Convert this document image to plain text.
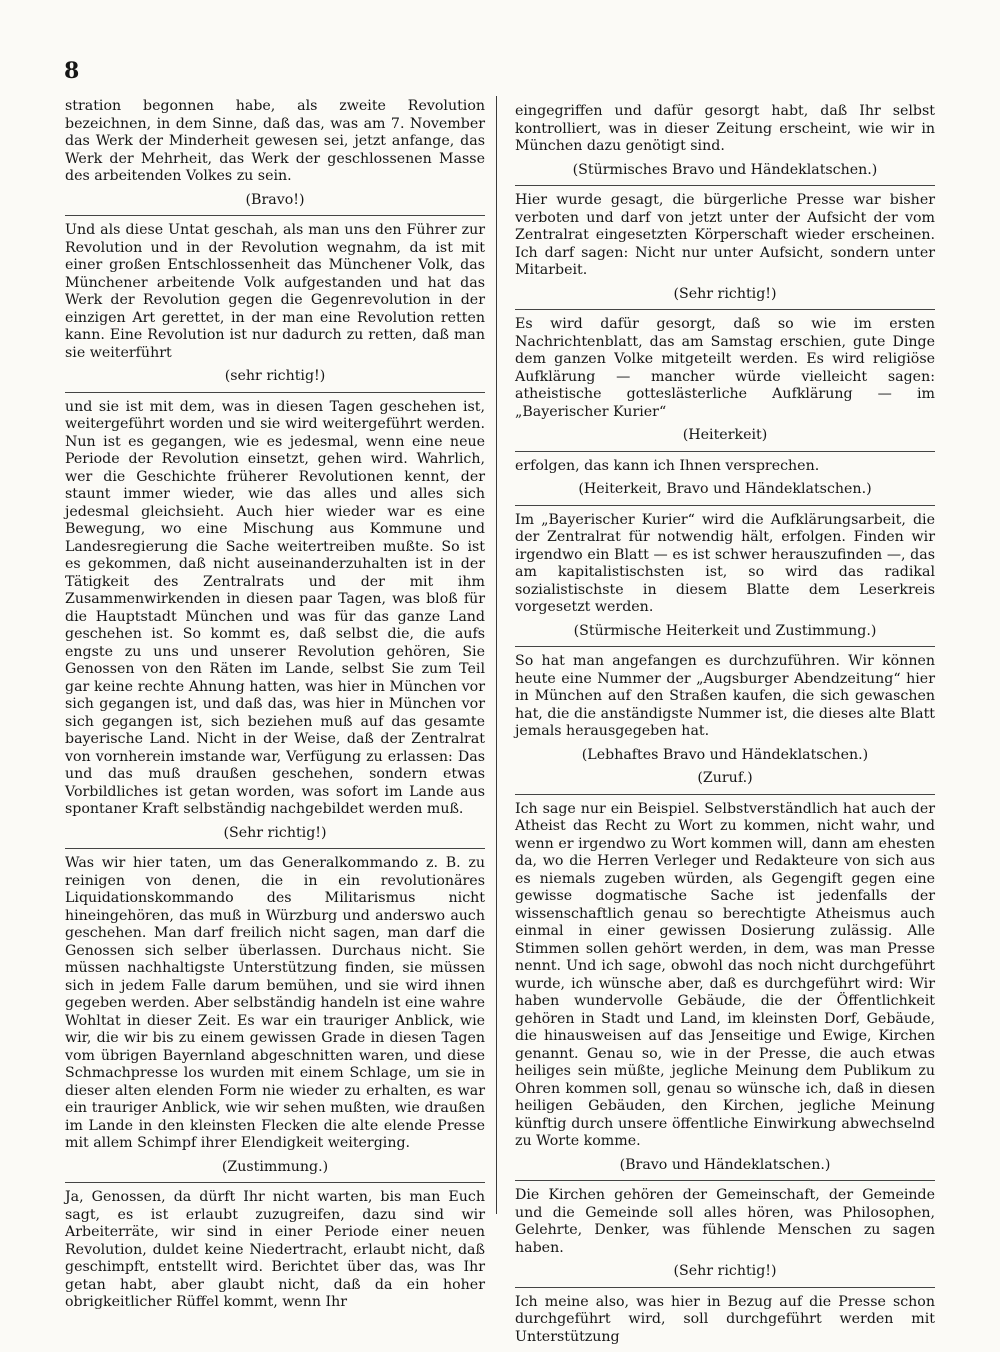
8

stration begonnen habe, als zweite Revolution bezeichnen, in dem Sinne, daß das, was am 7. November das Werk der Minderheit gewesen sei, jetzt anfange, das Werk der Mehrheit, das Werk der geschlossenen Masse des arbeitenden Volkes zu sein.

(Bravo!)

Und als diese Untat geschah, als man uns den Führer zur Revolution und in der Revolution wegnahm, da ist mit einer großen Entschlossenheit das Münchener Volk, das Münchener arbeitende Volk aufgestanden und hat das Werk der Revolution gegen die Gegenrevolution in der einzigen Art gerettet, in der man eine Revolution retten kann. Eine Revolution ist nur dadurch zu retten, daß man sie weiterführt

(sehr richtig!)

und sie ist mit dem, was in diesen Tagen geschehen ist, weitergeführt worden und sie wird weitergeführt werden. Nun ist es gegangen, wie es jedesmal, wenn eine neue Periode der Revolution einsetzt, gehen wird. Wahrlich, wer die Geschichte früherer Revolutionen kennt, der staunt immer wieder, wie das alles und alles sich jedesmal gleichsieht. Auch hier wieder war es eine Bewegung, wo eine Mischung aus Kommune und Landesregierung die Sache weitertreiben mußte. So ist es gekommen, daß nicht auseinanderzuhalten ist in der Tätigkeit des Zentralrats und der mit ihm Zusammenwirkenden in diesen paar Tagen, was bloß für die Hauptstadt München und was für das ganze Land geschehen ist. So kommt es, daß selbst die, die aufs engste zu uns und unserer Revolution gehören, Sie Genossen von den Räten im Lande, selbst Sie zum Teil gar keine rechte Ahnung hatten, was hier in München vor sich gegangen ist, und daß das, was hier in München vor sich gegangen ist, sich beziehen muß auf das gesamte bayerische Land. Nicht in der Weise, daß der Zentralrat von vornherein imstande war, Verfügung zu erlassen: Das und das muß draußen geschehen, sondern etwas Vorbildliches ist getan worden, was sofort im Lande aus spontaner Kraft selbständig nachgebildet werden muß.

(Sehr richtig!)

Was wir hier taten, um das Generalkommando z. B. zu reinigen von denen, die in ein revolutionäres Liquidationskommando des Militarismus nicht hineingehören, das muß in Würzburg und anderswo auch geschehen. Man darf freilich nicht sagen, man darf die Genossen sich selber überlassen. Durchaus nicht. Sie müssen nachhaltigste Unterstützung finden, sie müssen sich in jedem Falle darum bemühen, und sie wird ihnen gegeben werden. Aber selbständig handeln ist eine wahre Wohltat in dieser Zeit. Es war ein trauriger Anblick, wie wir, die wir bis zu einem gewissen Grade in diesen Tagen vom übrigen Bayernland abgeschnitten waren, und diese Schmachpresse los wurden mit einem Schlage, um sie in dieser alten elenden Form nie wieder zu erhalten, es war ein trauriger Anblick, wie wir sehen mußten, wie draußen im Lande in den kleinsten Flecken die alte elende Presse mit allem Schimpf ihrer Elendigkeit weiterging.

(Zustimmung.)

Ja, Genossen, da dürft Ihr nicht warten, bis man Euch sagt, es ist erlaubt zuzugreifen, dazu sind wir Arbeiterräte, wir sind in einer Periode einer neuen Revolution, duldet keine Niedertracht, erlaubt nicht, daß geschimpft, entstellt wird. Berichtet über das, was Ihr getan habt, aber glaubt nicht, daß da ein hoher obrigkeitlicher Rüffel kommt, wenn Ihr

eingegriffen und dafür gesorgt habt, daß Ihr selbst kontrolliert, was in dieser Zeitung erscheint, wie wir in München dazu genötigt sind.

(Stürmisches Bravo und Händeklatschen.)

Hier wurde gesagt, die bürgerliche Presse war bisher verboten und darf von jetzt unter der Aufsicht der vom Zentralrat eingesetzten Körperschaft wieder erscheinen. Ich darf sagen: Nicht nur unter Aufsicht, sondern unter Mitarbeit.

(Sehr richtig!)

Es wird dafür gesorgt, daß so wie im ersten Nachrichtenblatt, das am Samstag erschien, gute Dinge dem ganzen Volke mitgeteilt werden. Es wird religiöse Aufklärung — mancher würde vielleicht sagen: atheistische gotteslästerliche Aufklärung — im „Bayerischer Kurier“

(Heiterkeit)

erfolgen, das kann ich Ihnen versprechen.

(Heiterkeit, Bravo und Händeklatschen.)

Im „Bayerischer Kurier“ wird die Aufklärungsarbeit, die der Zentralrat für notwendig hält, erfolgen. Finden wir irgendwo ein Blatt — es ist schwer herauszufinden —, das am kapitalistischsten ist, so wird das radikal sozialistischste in diesem Blatte dem Leserkreis vorgesetzt werden.

(Stürmische Heiterkeit und Zustimmung.)

So hat man angefangen es durchzuführen. Wir können heute eine Nummer der „Augsburger Abendzeitung“ hier in München auf den Straßen kaufen, die sich gewaschen hat, die die anständigste Nummer ist, die dieses alte Blatt jemals herausgegeben hat.

(Lebhaftes Bravo und Händeklatschen.)

(Zuruf.)

Ich sage nur ein Beispiel. Selbstverständlich hat auch der Atheist das Recht zu Wort zu kommen, nicht wahr, und wenn er irgendwo zu Wort kommen will, dann am ehesten da, wo die Herren Verleger und Redakteure von sich aus es niemals zugeben würden, als Gegengift gegen eine gewisse dogmatische Sache ist jedenfalls der wissenschaftlich genau so berechtigte Atheismus auch einmal in einer gewissen Dosierung zulässig. Alle Stimmen sollen gehört werden, in dem, was man Presse nennt. Und ich sage, obwohl das noch nicht durchgeführt wurde, ich wünsche aber, daß es durchgeführt wird: Wir haben wundervolle Gebäude, die der Öffentlichkeit gehören in Stadt und Land, im kleinsten Dorf, Gebäude, die hinausweisen auf das Jenseitige und Ewige, Kirchen genannt. Genau so, wie in der Presse, die auch etwas heiliges sein müßte, jegliche Meinung dem Publikum zu Ohren kommen soll, genau so wünsche ich, daß in diesen heiligen Gebäuden, den Kirchen, jegliche Meinung künftig durch unsere öffentliche Einwirkung abwechselnd zu Worte komme.

(Bravo und Händeklatschen.)

Die Kirchen gehören der Gemeinschaft, der Gemeinde und die Gemeinde soll alles hören, was Philosophen, Gelehrte, Denker, was fühlende Menschen zu sagen haben.

(Sehr richtig!)

Ich meine also, was hier in Bezug auf die Presse schon durchgeführt wird, soll durchgeführt werden mit Unterstützung
